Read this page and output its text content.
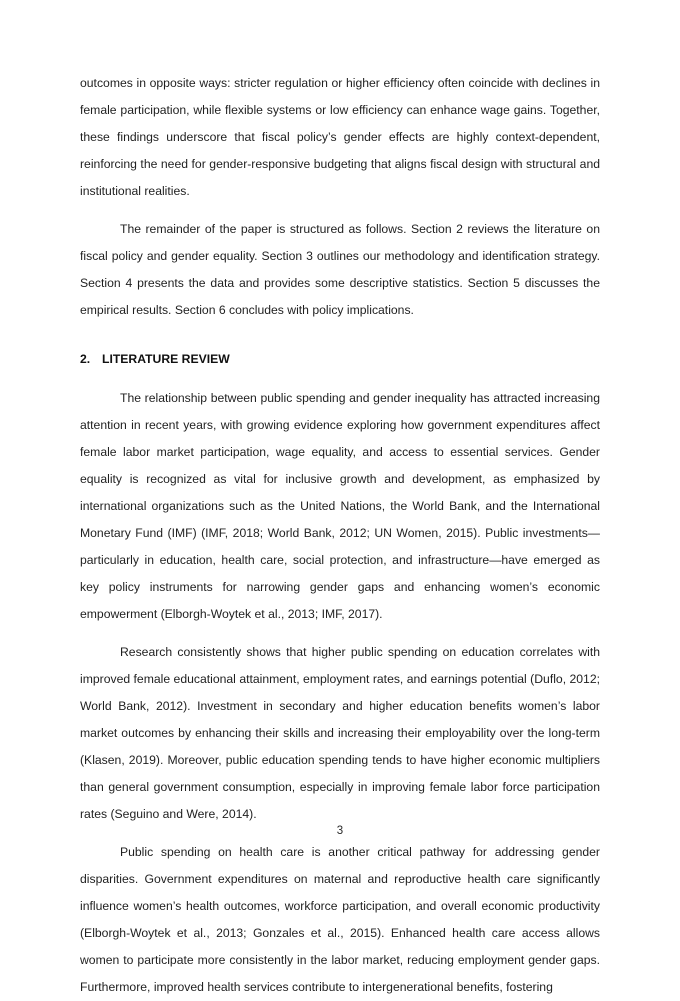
outcomes in opposite ways: stricter regulation or higher efficiency often coincide with declines in female participation, while flexible systems or low efficiency can enhance wage gains. Together, these findings underscore that fiscal policy’s gender effects are highly context-dependent, reinforcing the need for gender-responsive budgeting that aligns fiscal design with structural and institutional realities.

The remainder of the paper is structured as follows. Section 2 reviews the literature on fiscal policy and gender equality. Section 3 outlines our methodology and identification strategy. Section 4 presents the data and provides some descriptive statistics. Section 5 discusses the empirical results. Section 6 concludes with policy implications.

2. LITERATURE REVIEW

The relationship between public spending and gender inequality has attracted increasing attention in recent years, with growing evidence exploring how government expenditures affect female labor market participation, wage equality, and access to essential services. Gender equality is recognized as vital for inclusive growth and development, as emphasized by international organizations such as the United Nations, the World Bank, and the International Monetary Fund (IMF) (IMF, 2018; World Bank, 2012; UN Women, 2015). Public investments—particularly in education, health care, social protection, and infrastructure—have emerged as key policy instruments for narrowing gender gaps and enhancing women’s economic empowerment (Elborgh-Woytek et al., 2013; IMF, 2017).

Research consistently shows that higher public spending on education correlates with improved female educational attainment, employment rates, and earnings potential (Duflo, 2012; World Bank, 2012). Investment in secondary and higher education benefits women’s labor market outcomes by enhancing their skills and increasing their employability over the long-term (Klasen, 2019). Moreover, public education spending tends to have higher economic multipliers than general government consumption, especially in improving female labor force participation rates (Seguino and Were, 2014).

Public spending on health care is another critical pathway for addressing gender disparities. Government expenditures on maternal and reproductive health care significantly influence women’s health outcomes, workforce participation, and overall economic productivity (Elborgh-Woytek et al., 2013; Gonzales et al., 2015). Enhanced health care access allows women to participate more consistently in the labor market, reducing employment gender gaps. Furthermore, improved health services contribute to intergenerational benefits, fostering

3
